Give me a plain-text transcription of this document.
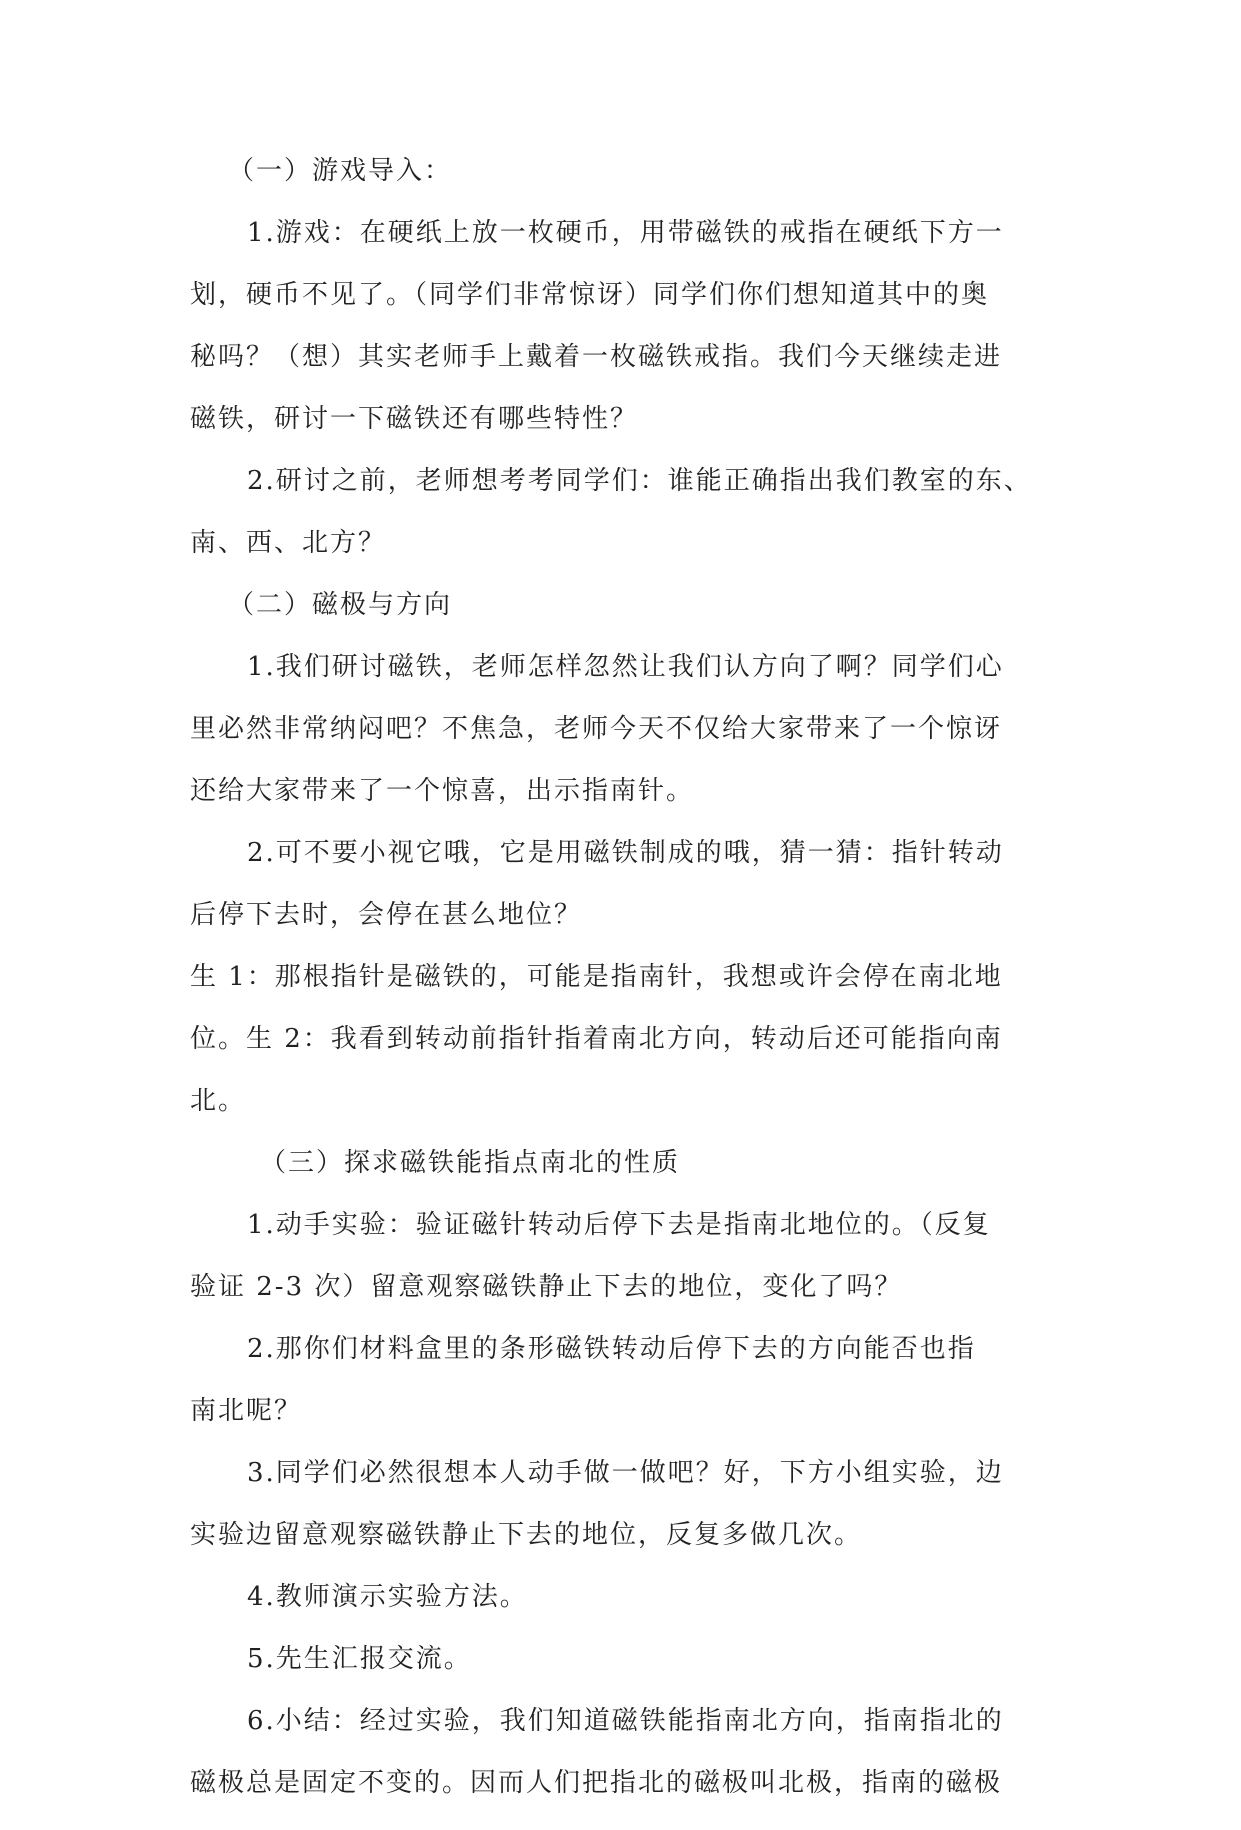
（一）游戏导入：
1.游戏：在硬纸上放一枚硬币，用带磁铁的戒指在硬纸下方一
划，硬币不见了。（同学们非常惊讶）同学们你们想知道其中的奥
秘吗？（想）其实老师手上戴着一枚磁铁戒指。我们今天继续走进
磁铁，研讨一下磁铁还有哪些特性？
2.研讨之前，老师想考考同学们：谁能正确指出我们教室的东、
南、西、北方？
（二）磁极与方向
1.我们研讨磁铁，老师怎样忽然让我们认方向了啊？同学们心
里必然非常纳闷吧？不焦急，老师今天不仅给大家带来了一个惊讶
还给大家带来了一个惊喜，出示指南针。
2.可不要小视它哦，它是用磁铁制成的哦，猜一猜：指针转动
后停下去时，会停在甚么地位？
生 1：那根指针是磁铁的，可能是指南针，我想或许会停在南北地
位。生 2：我看到转动前指针指着南北方向，转动后还可能指向南
北。
（三）探求磁铁能指点南北的性质
1.动手实验：验证磁针转动后停下去是指南北地位的。（反复
验证 2-3 次）留意观察磁铁静止下去的地位，变化了吗？
2.那你们材料盒里的条形磁铁转动后停下去的方向能否也指
南北呢？
3.同学们必然很想本人动手做一做吧？好，下方小组实验，边
实验边留意观察磁铁静止下去的地位，反复多做几次。
4.教师演示实验方法。
5.先生汇报交流。
6.小结：经过实验，我们知道磁铁能指南北方向，指南指北的
磁极总是固定不变的。因而人们把指北的磁极叫北极，指南的磁极
